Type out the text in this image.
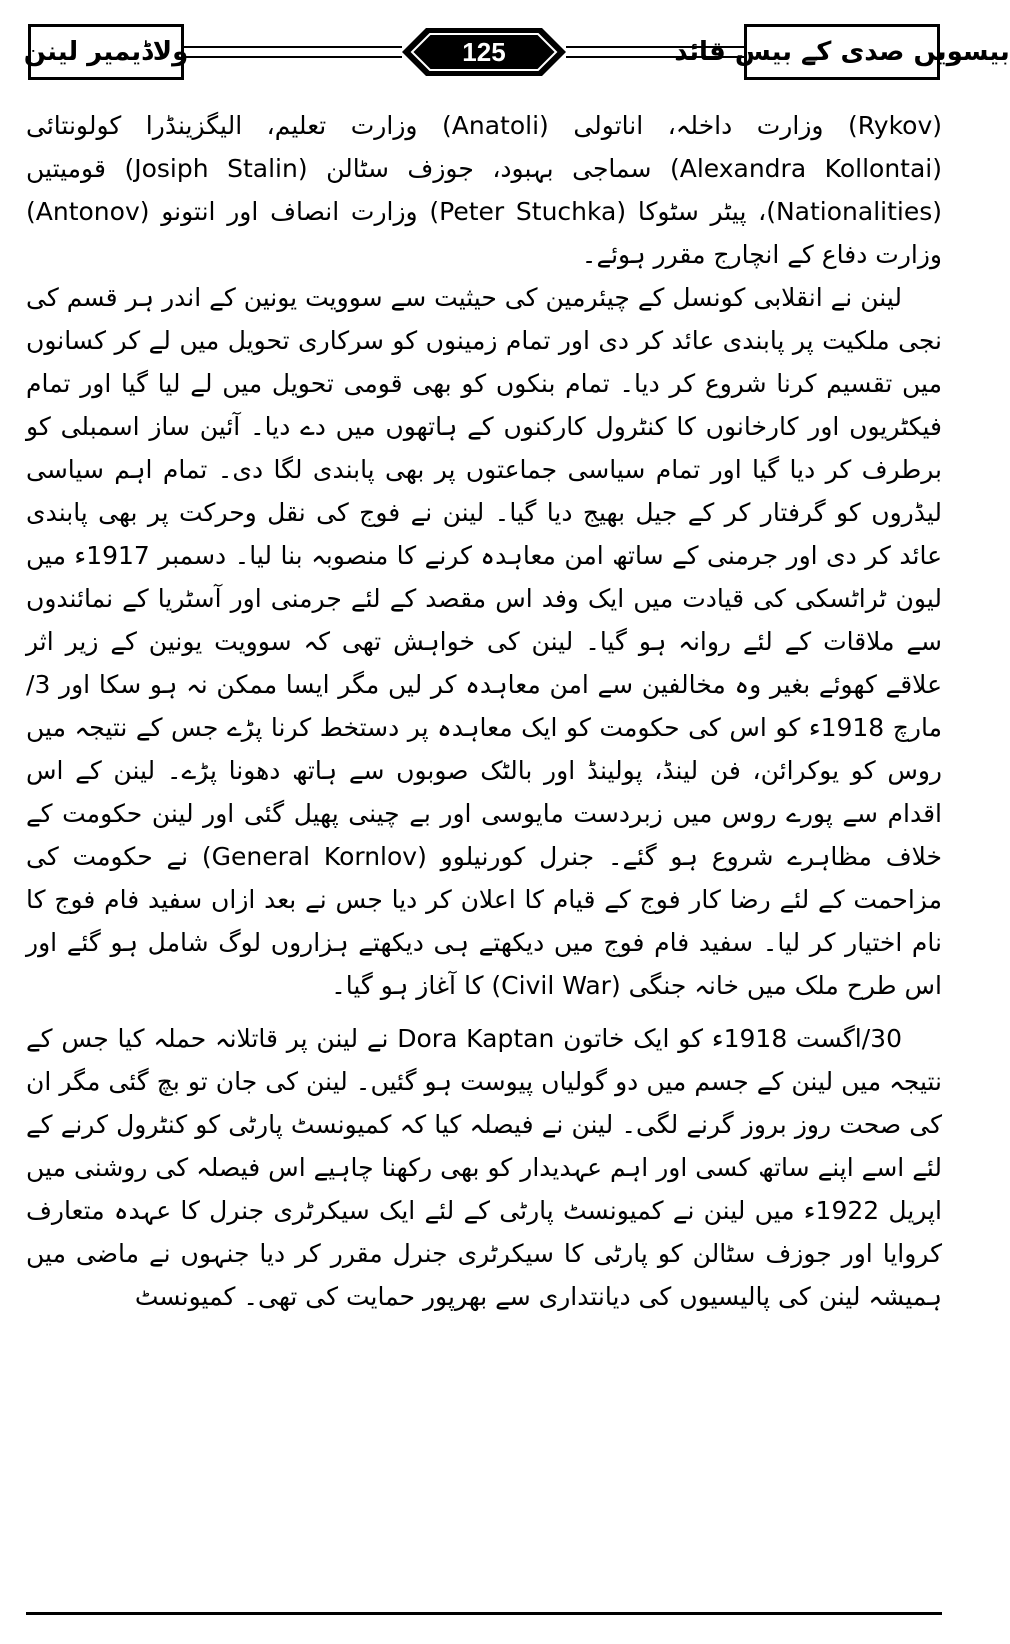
ولاڈیمیر لینن	125	بیسویں صدی کے بیس قائد

(Rykov) وزارت داخلہ، اناتولی (Anatoli) وزارت تعلیم، الیگزینڈرا کولونتائی (Alexandra Kollontai) سماجی بہبود، جوزف سٹالن (Josiph Stalin) قومیتیں (Nationalities)، پیٹر سٹوکا (Peter Stuchka) وزارت انصاف اور انتونو (Antonov) وزارت دفاع کے انچارج مقرر ہوئے۔

لینن نے انقلابی کونسل کے چیئرمین کی حیثیت سے سوویت یونین کے اندر ہر قسم کی نجی ملکیت پر پابندی عائد کر دی اور تمام زمینوں کو سرکاری تحویل میں لے کر کسانوں میں تقسیم کرنا شروع کر دیا۔ تمام بنکوں کو بھی قومی تحویل میں لے لیا گیا اور تمام فیکٹریوں اور کارخانوں کا کنٹرول کارکنوں کے ہاتھوں میں دے دیا۔ آئین ساز اسمبلی کو برطرف کر دیا گیا اور تمام سیاسی جماعتوں پر بھی پابندی لگا دی۔ تمام اہم سیاسی لیڈروں کو گرفتار کر کے جیل بھیج دیا گیا۔ لینن نے فوج کی نقل وحرکت پر بھی پابندی عائد کر دی اور جرمنی کے ساتھ امن معاہدہ کرنے کا منصوبہ بنا لیا۔ دسمبر 1917ء میں لیون ٹراٹسکی کی قیادت میں ایک وفد اس مقصد کے لئے جرمنی اور آسٹریا کے نمائندوں سے ملاقات کے لئے روانہ ہو گیا۔ لینن کی خواہش تھی کہ سوویت یونین کے زیر اثر علاقے کھوئے بغیر وہ مخالفین سے امن معاہدہ کر لیں مگر ایسا ممکن نہ ہو سکا اور 3/مارچ 1918ء کو اس کی حکومت کو ایک معاہدہ پر دستخط کرنا پڑے جس کے نتیجہ میں روس کو یوکرائن، فن لینڈ، پولینڈ اور بالٹک صوبوں سے ہاتھ دھونا پڑے۔ لینن کے اس اقدام سے پورے روس میں زبردست مایوسی اور بے چینی پھیل گئی اور لینن حکومت کے خلاف مظاہرے شروع ہو گئے۔ جنرل کورنیلوو (General Kornlov) نے حکومت کی مزاحمت کے لئے رضا کار فوج کے قیام کا اعلان کر دیا جس نے بعد ازاں سفید فام فوج کا نام اختیار کر لیا۔ سفید فام فوج میں دیکھتے ہی دیکھتے ہزاروں لوگ شامل ہو گئے اور اس طرح ملک میں خانہ جنگی (Civil War) کا آغاز ہو گیا۔

30/اگست 1918ء کو ایک خاتون Dora Kaptan نے لینن پر قاتلانہ حملہ کیا جس کے نتیجہ میں لینن کے جسم میں دو گولیاں پیوست ہو گئیں۔ لینن کی جان تو بچ گئی مگر ان کی صحت روز بروز گرنے لگی۔ لینن نے فیصلہ کیا کہ کمیونسٹ پارٹی کو کنٹرول کرنے کے لئے اسے اپنے ساتھ کسی اور اہم عہدیدار کو بھی رکھنا چاہیے اس فیصلہ کی روشنی میں اپریل 1922ء میں لینن نے کمیونسٹ پارٹی کے لئے ایک سیکرٹری جنرل کا عہدہ متعارف کروایا اور جوزف سٹالن کو پارٹی کا سیکرٹری جنرل مقرر کر دیا جنہوں نے ماضی میں ہمیشہ لینن کی پالیسیوں کی دیانتداری سے بھرپور حمایت کی تھی۔ کمیونسٹ
